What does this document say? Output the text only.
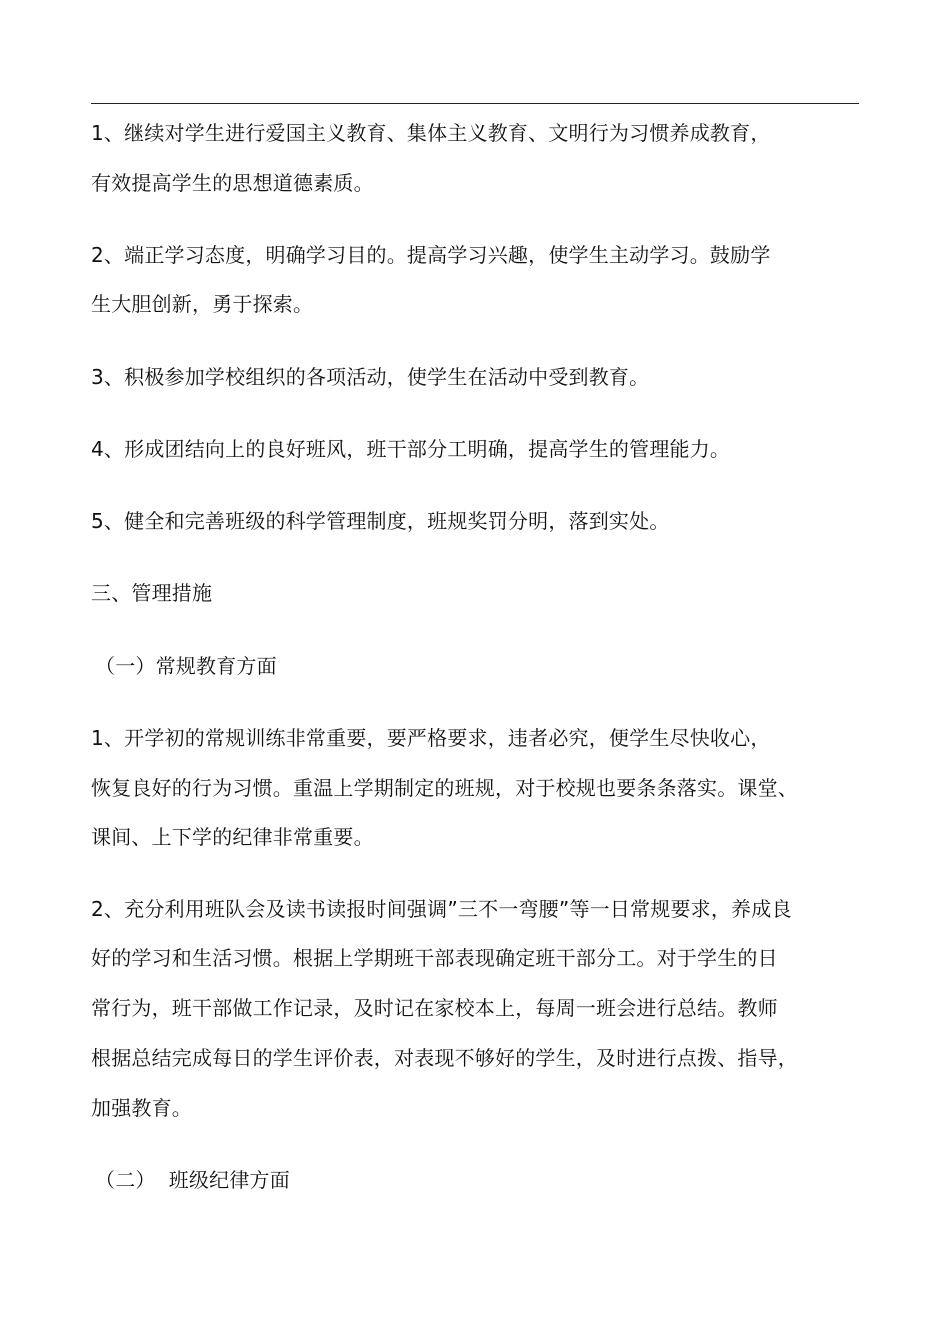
1、继续对学生进行爱国主义教育、集体主义教育、文明行为习惯养成教育，
有效提高学生的思想道德素质。
2、端正学习态度，明确学习目的。提高学习兴趣，使学生主动学习。鼓励学
生大胆创新，勇于探索。
3、积极参加学校组织的各项活动，使学生在活动中受到教育。
4、形成团结向上的良好班风，班干部分工明确，提高学生的管理能力。
5、健全和完善班级的科学管理制度，班规奖罚分明，落到实处。
三、管理措施
（一）常规教育方面
1、开学初的常规训练非常重要，要严格要求，违者必究，便学生尽快收心，
恢复良好的行为习惯。重温上学期制定的班规，对于校规也要条条落实。课堂、
课间、上下学的纪律非常重要。
2、充分利用班队会及读书读报时间强调”三不一弯腰”等一日常规要求，养成良
好的学习和生活习惯。根据上学期班干部表现确定班干部分工。对于学生的日
常行为，班干部做工作记录，及时记在家校本上，每周一班会进行总结。教师
根据总结完成每日的学生评价表，对表现不够好的学生，及时进行点拨、指导，
加强教育。
（二）  班级纪律方面
